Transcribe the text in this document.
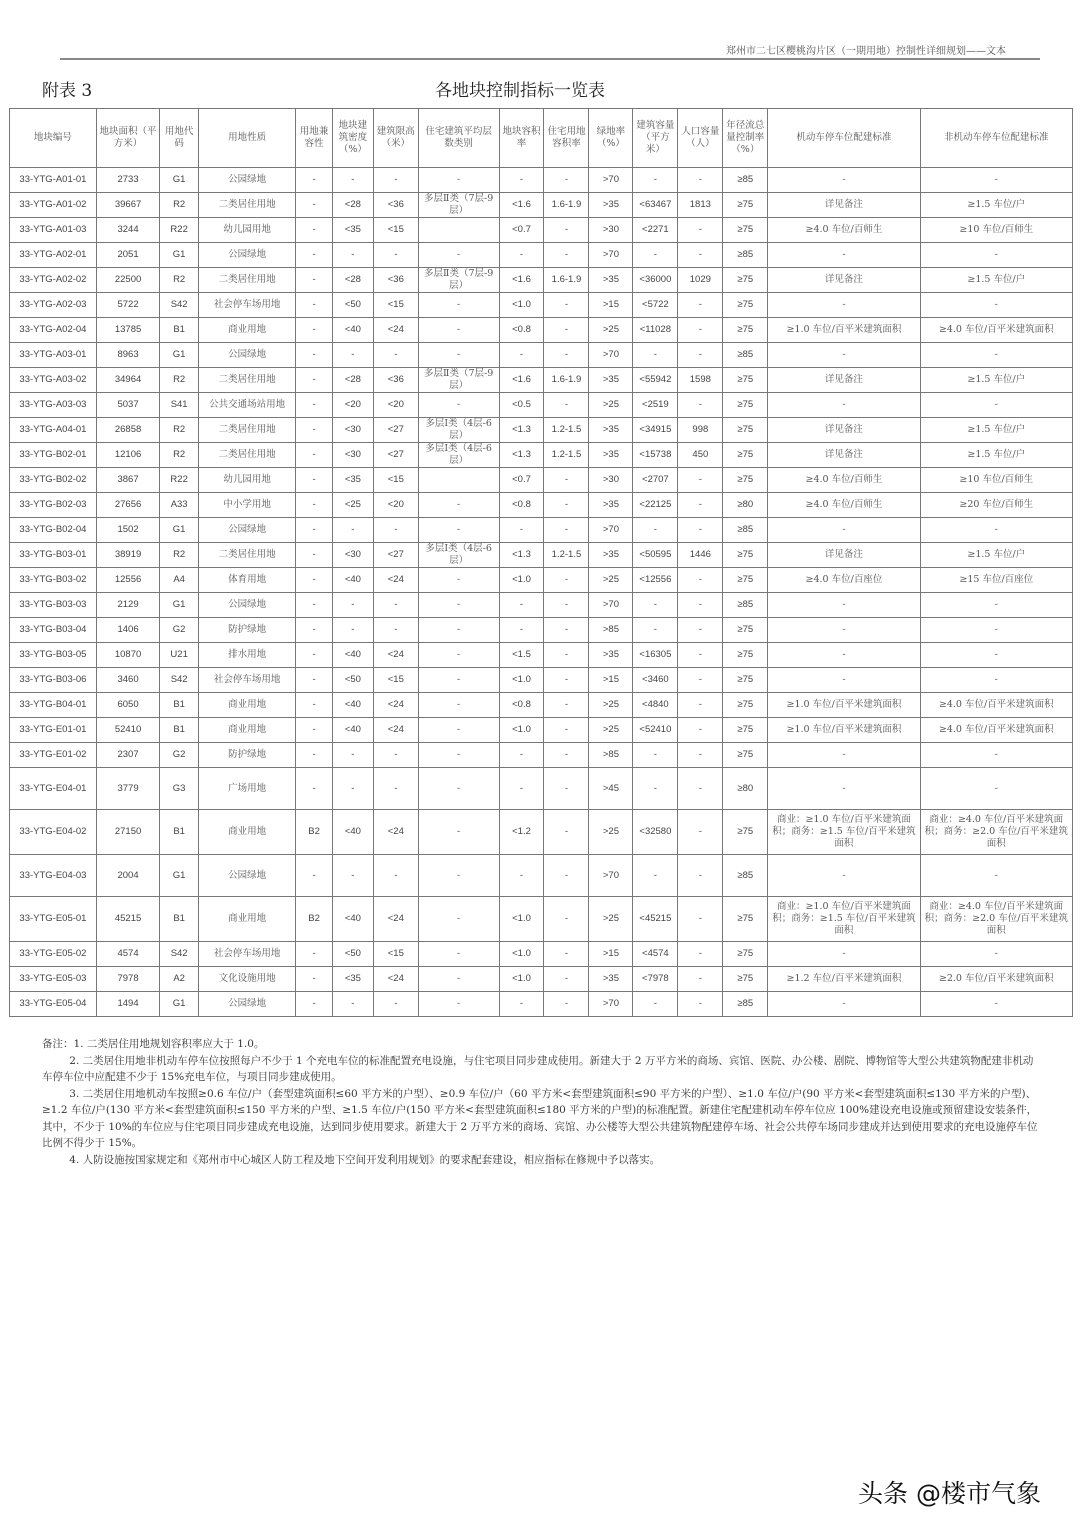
郑州市二七区樱桃沟片区（一期用地）控制性详细规划——文本
附表 3	各地块控制指标一览表
地块编号	地块面积（平方米）	用地代码	用地性质	用地兼容性	地块建筑密度（%）	建筑限高（米）	住宅建筑平均层数类别	地块容积率	住宅用地容积率	绿地率（%）	建筑容量（平方米）	人口容量（人）	年径流总量控制率（%）	机动车停车位配建标准	非机动车停车位配建标准
33-YTG-A01-01	2733	G1	公园绿地	-	-	-	-	-	-	>70	-	-	≥85	-	-
33-YTG-A01-02	39667	R2	二类居住用地	-	<28	<36	多层Ⅱ类（7层-9层）	<1.6	1.6-1.9	>35	<63467	1813	≥75	详见备注	≥1.5 车位/户
33-YTG-A01-03	3244	R22	幼儿园用地	-	<35	<15		<0.7	-	>30	<2271	-	≥75	≥4.0 车位/百师生	≥10 车位/百师生
33-YTG-A02-01	2051	G1	公园绿地	-	-	-	-	-	-	>70	-	-	≥85	-	-
33-YTG-A02-02	22500	R2	二类居住用地	-	<28	<36	多层Ⅱ类（7层-9层）	<1.6	1.6-1.9	>35	<36000	1029	≥75	详见备注	≥1.5 车位/户
33-YTG-A02-03	5722	S42	社会停车场用地	-	<50	<15	-	<1.0	-	>15	<5722	-	≥75	-	-
33-YTG-A02-04	13785	B1	商业用地	-	<40	<24	-	<0.8	-	>25	<11028	-	≥75	≥1.0 车位/百平米建筑面积	≥4.0 车位/百平米建筑面积
33-YTG-A03-01	8963	G1	公园绿地	-	-	-	-	-	-	>70	-	-	≥85	-	-
33-YTG-A03-02	34964	R2	二类居住用地	-	<28	<36	多层Ⅱ类（7层-9层）	<1.6	1.6-1.9	>35	<55942	1598	≥75	详见备注	≥1.5 车位/户
33-YTG-A03-03	5037	S41	公共交通场站用地	-	<20	<20	-	<0.5	-	>25	<2519	-	≥75	-	-
33-YTG-A04-01	26858	R2	二类居住用地	-	<30	<27	多层Ⅰ类（4层-6层）	<1.3	1.2-1.5	>35	<34915	998	≥75	详见备注	≥1.5 车位/户
33-YTG-B02-01	12106	R2	二类居住用地	-	<30	<27	多层Ⅰ类（4层-6层）	<1.3	1.2-1.5	>35	<15738	450	≥75	详见备注	≥1.5 车位/户
33-YTG-B02-02	3867	R22	幼儿园用地	-	<35	<15		<0.7	-	>30	<2707	-	≥75	≥4.0 车位/百师生	≥10 车位/百师生
33-YTG-B02-03	27656	A33	中小学用地	-	<25	<20	-	<0.8	-	>35	<22125	-	≥80	≥4.0 车位/百师生	≥20 车位/百师生
33-YTG-B02-04	1502	G1	公园绿地	-	-	-	-	-	-	>70	-	-	≥85	-	-
33-YTG-B03-01	38919	R2	二类居住用地	-	<30	<27	多层Ⅰ类（4层-6层）	<1.3	1.2-1.5	>35	<50595	1446	≥75	详见备注	≥1.5 车位/户
33-YTG-B03-02	12556	A4	体育用地	-	<40	<24	-	<1.0	-	>25	<12556	-	≥75	≥4.0 车位/百座位	≥15 车位/百座位
33-YTG-B03-03	2129	G1	公园绿地	-	-	-	-	-	-	>70	-	-	≥85	-	-
33-YTG-B03-04	1406	G2	防护绿地	-	-	-	-	-	-	>85	-	-	≥75	-	-
33-YTG-B03-05	10870	U21	排水用地	-	<40	<24	-	<1.5	-	>35	<16305	-	≥75	-	-
33-YTG-B03-06	3460	S42	社会停车场用地	-	<50	<15	-	<1.0	-	>15	<3460	-	≥75	-	-
33-YTG-B04-01	6050	B1	商业用地	-	<40	<24	-	<0.8	-	>25	<4840	-	≥75	≥1.0 车位/百平米建筑面积	≥4.0 车位/百平米建筑面积
33-YTG-E01-01	52410	B1	商业用地	-	<40	<24	-	<1.0	-	>25	<52410	-	≥75	≥1.0 车位/百平米建筑面积	≥4.0 车位/百平米建筑面积
33-YTG-E01-02	2307	G2	防护绿地	-	-	-	-	-	-	>85	-	-	≥75	-	-
33-YTG-E04-01	3779	G3	广场用地	-	-	-	-	-	-	>45	-	-	≥80	-	-
33-YTG-E04-02	27150	B1	商业用地	B2	<40	<24	-	<1.2	-	>25	<32580	-	≥75	商业：≥1.0 车位/百平米建筑面积；商务：≥1.5 车位/百平米建筑面积	商业：≥4.0 车位/百平米建筑面积；商务：≥2.0 车位/百平米建筑面积
33-YTG-E04-03	2004	G1	公园绿地	-	-	-	-	-	-	>70	-	-	≥85	-	-
33-YTG-E05-01	45215	B1	商业用地	B2	<40	<24	-	<1.0	-	>25	<45215	-	≥75	商业：≥1.0 车位/百平米建筑面积；商务：≥1.5 车位/百平米建筑面积	商业：≥4.0 车位/百平米建筑面积；商务：≥2.0 车位/百平米建筑面积
33-YTG-E05-02	4574	S42	社会停车场用地	-	<50	<15	-	<1.0	-	>15	<4574	-	≥75	-	-
33-YTG-E05-03	7978	A2	文化设施用地	-	<35	<24	-	<1.0	-	>35	<7978	-	≥75	≥1.2 车位/百平米建筑面积	≥2.0 车位/百平米建筑面积
33-YTG-E05-04	1494	G1	公园绿地	-	-	-	-	-	-	>70	-	-	≥85	-	-

备注：1. 二类居住用地规划容积率应大于 1.0。

2. 二类居住用地非机动车停车位按照每户不少于 1 个充电车位的标准配置充电设施，与住宅项目同步建成使用。新建大于 2 万平方米的商场、宾馆、医院、办公楼、剧院、博物馆等大型公共建筑物配建非机动车停车位中应配建不少于 15%充电车位，与项目同步建成使用。

3. 二类居住用地机动车按照≥0.6 车位/户（套型建筑面积≤60 平方米的户型）、≥0.9 车位/户（60 平方米<套型建筑面积≤90 平方米的户型）、≥1.0 车位/户(90 平方米<套型建筑面积≤130 平方米的户型)、≥1.2 车位/户(130 平方米<套型建筑面积≤150 平方米的户型、≥1.5 车位/户(150 平方米<套型建筑面积≤180 平方米的户型)的标准配置。新建住宅配建机动车停车位应 100%建设充电设施或预留建设安装条件，其中，不少于 10%的车位应与住宅项目同步建成充电设施，达到同步使用要求。新建大于 2 万平方米的商场、宾馆、办公楼等大型公共建筑物配建停车场、社会公共停车场同步建成并达到使用要求的充电设施停车位比例不得少于 15%。

4. 人防设施按国家规定和《郑州市中心城区人防工程及地下空间开发利用规划》的要求配套建设，相应指标在修规中予以落实。

头条 @楼市气象
